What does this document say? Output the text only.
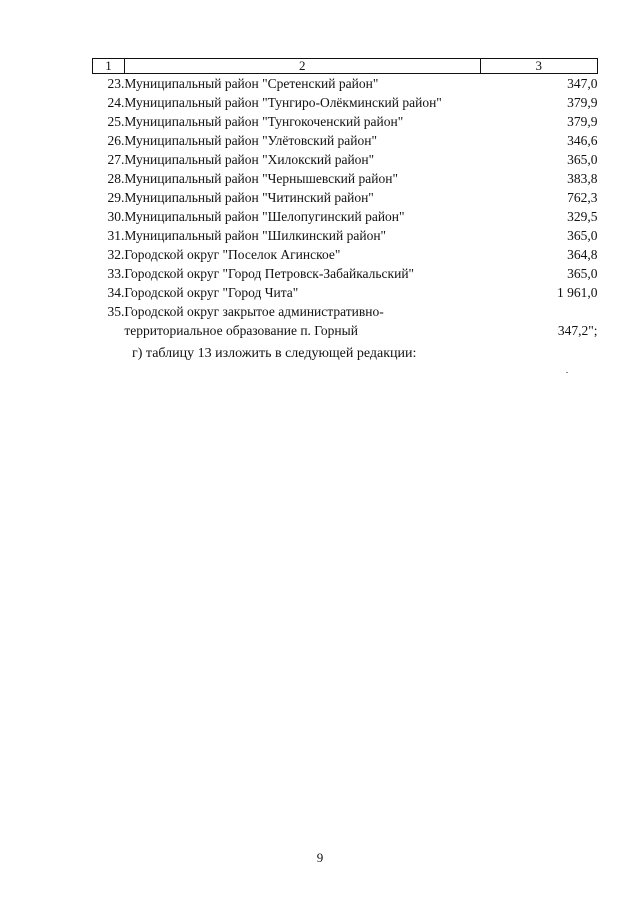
1	2	3
23.	Муниципальный район "Сретенский район"	347,0
24.	Муниципальный район "Тунгиро-Олёкминский район"	379,9
25.	Муниципальный район "Тунгокоченский район"	379,9
26.	Муниципальный район "Улётовский район"	346,6
27.	Муниципальный район "Хилокский район"	365,0
28.	Муниципальный район "Чернышевский район"	383,8
29.	Муниципальный район "Читинский район"	762,3
30.	Муниципальный район "Шелопугинский район"	329,5
31.	Муниципальный район "Шилкинский район"	365,0
32.	Городской округ "Поселок Агинское"	364,8
33.	Городской округ "Город Петровск-Забайкальский"	365,0
34.	Городской округ "Город Чита"	1 961,0
35.	Городской округ закрытое административно-
территориальное образование п. Горный	347,2";
г) таблицу 13 изложить в следующей редакции:
9
